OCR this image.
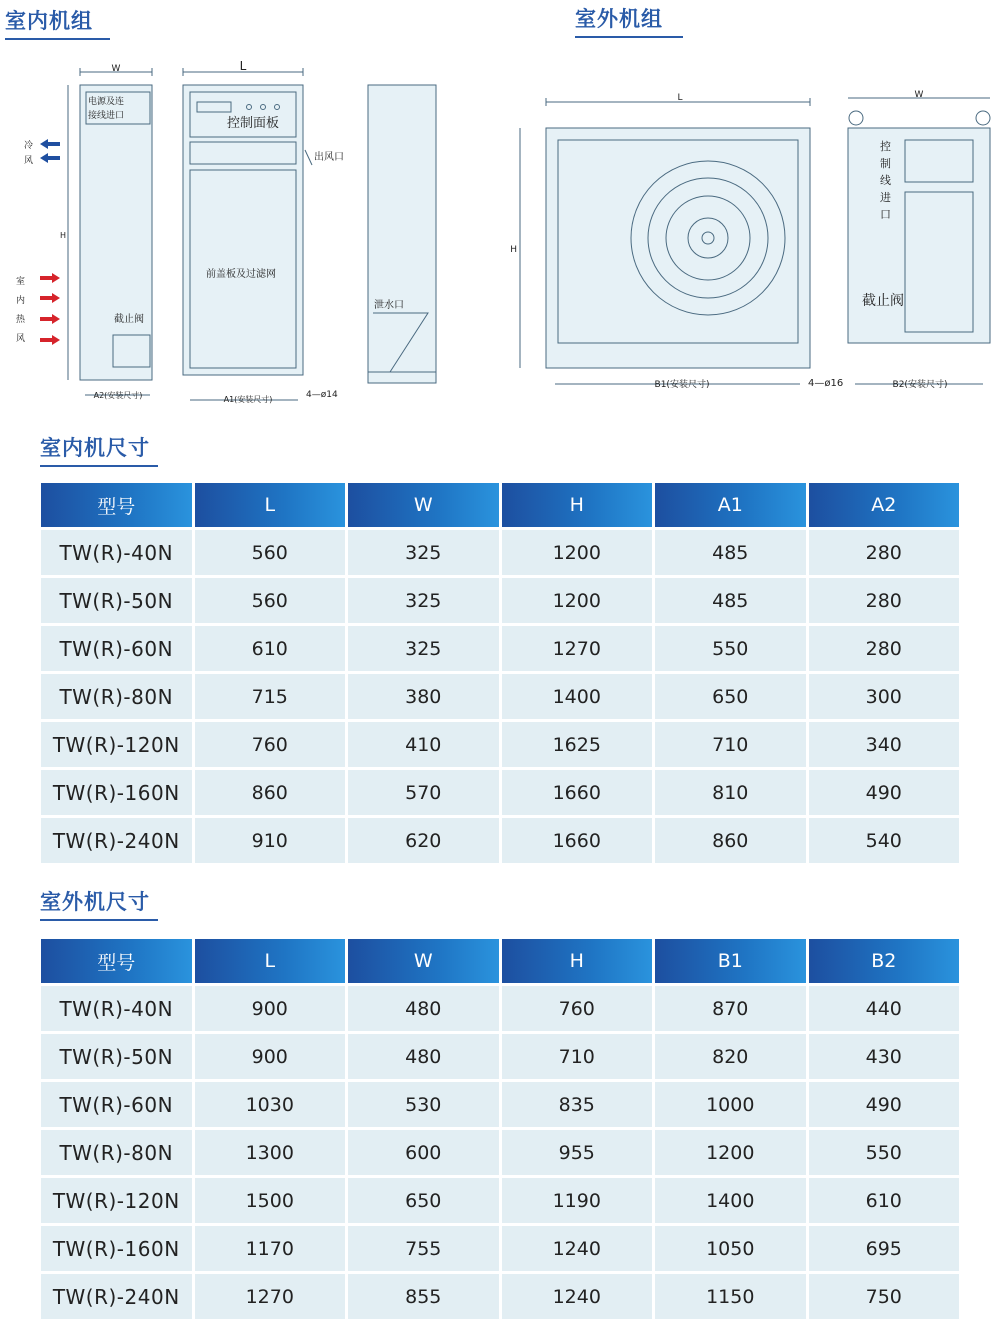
室内机组	室外机组
W	L
H
电源及连
接线进口	控制面板
出风口
前盖板及过滤网
截止阀
泄水口
冷
风
室
内
热
风
A2(安装尺寸)	A1(安装尺寸)	4—ø14
L	W
H
控
制
线
进
口
截止阀
B1(安装尺寸)	B2(安装尺寸)
4—ø16
室内机尺寸
型号	L	W	H	A1	A2
TW(R)-40N	560	325	1200	485	280
TW(R)-50N	560	325	1200	485	280
TW(R)-60N	610	325	1270	550	280
TW(R)-80N	715	380	1400	650	300
TW(R)-120N	760	410	1625	710	340
TW(R)-160N	860	570	1660	810	490
TW(R)-240N	910	620	1660	860	540
室外机尺寸
型号	L	W	H	B1	B2
TW(R)-40N	900	480	760	870	440
TW(R)-50N	900	480	710	820	430
TW(R)-60N	1030	530	835	1000	490
TW(R)-80N	1300	600	955	1200	550
TW(R)-120N	1500	650	1190	1400	610
TW(R)-160N	1170	755	1240	1050	695
TW(R)-240N	1270	855	1240	1150	750
